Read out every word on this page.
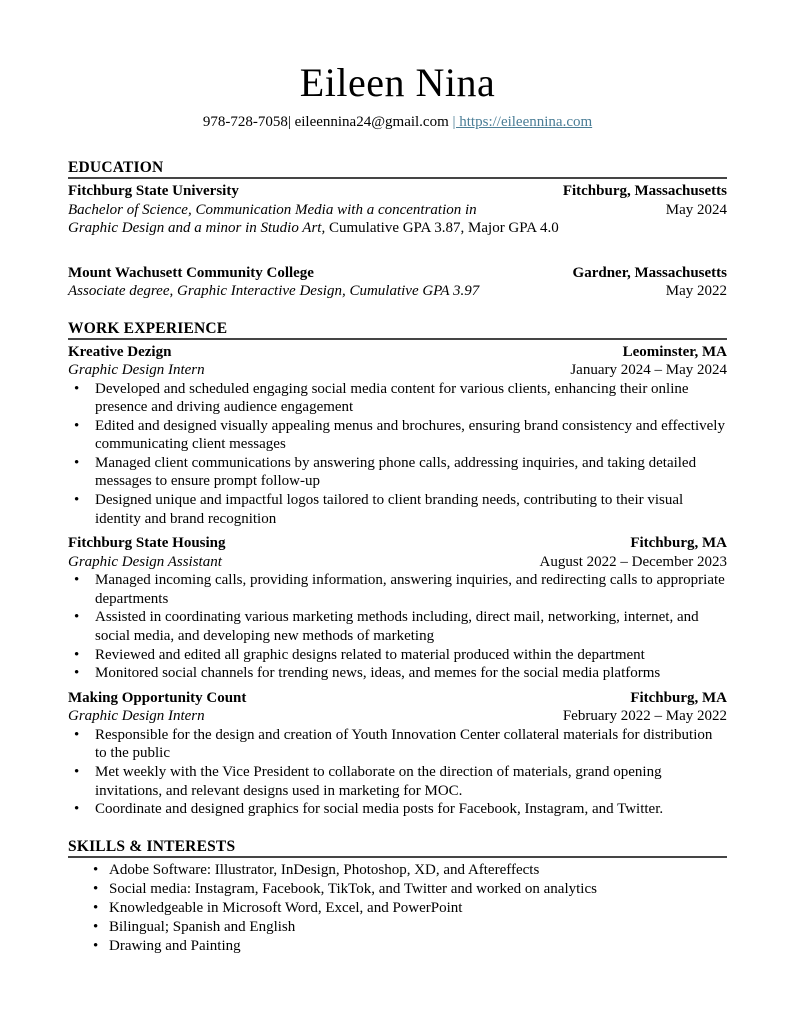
Eileen Nina
978-728-7058| eileennina24@gmail.com | https://eileennina.com
EDUCATION
Fitchburg State University	Fitchburg, Massachusetts
Bachelor of Science, Communication Media with a concentration in	May 2024
Graphic Design and a minor in Studio Art, Cumulative GPA 3.87, Major GPA 4.0
Mount Wachusett Community College	Gardner, Massachusetts
Associate degree, Graphic Interactive Design, Cumulative GPA 3.97	May 2022
WORK EXPERIENCE
Kreative Dezign	Leominster, MA
Graphic Design Intern	January 2024 – May 2024
• Developed and scheduled engaging social media content for various clients, enhancing their online presence and driving audience engagement
• Edited and designed visually appealing menus and brochures, ensuring brand consistency and effectively communicating client messages
• Managed client communications by answering phone calls, addressing inquiries, and taking detailed messages to ensure prompt follow-up
• Designed unique and impactful logos tailored to client branding needs, contributing to their visual identity and brand recognition
Fitchburg State Housing	Fitchburg, MA
Graphic Design Assistant	August 2022 – December 2023
• Managed incoming calls, providing information, answering inquiries, and redirecting calls to appropriate departments
• Assisted in coordinating various marketing methods including, direct mail, networking, internet, and social media, and developing new methods of marketing
• Reviewed and edited all graphic designs related to material produced within the department
• Monitored social channels for trending news, ideas, and memes for the social media platforms
Making Opportunity Count	Fitchburg, MA
Graphic Design Intern	February 2022 – May 2022
• Responsible for the design and creation of Youth Innovation Center collateral materials for distribution to the public
• Met weekly with the Vice President to collaborate on the direction of materials, grand opening invitations, and relevant designs used in marketing for MOC.
• Coordinate and designed graphics for social media posts for Facebook, Instagram, and Twitter.
SKILLS & INTERESTS
• Adobe Software: Illustrator, InDesign, Photoshop, XD, and Aftereffects
• Social media: Instagram, Facebook, TikTok, and Twitter and worked on analytics
• Knowledgeable in Microsoft Word, Excel, and PowerPoint
• Bilingual; Spanish and English
• Drawing and Painting
